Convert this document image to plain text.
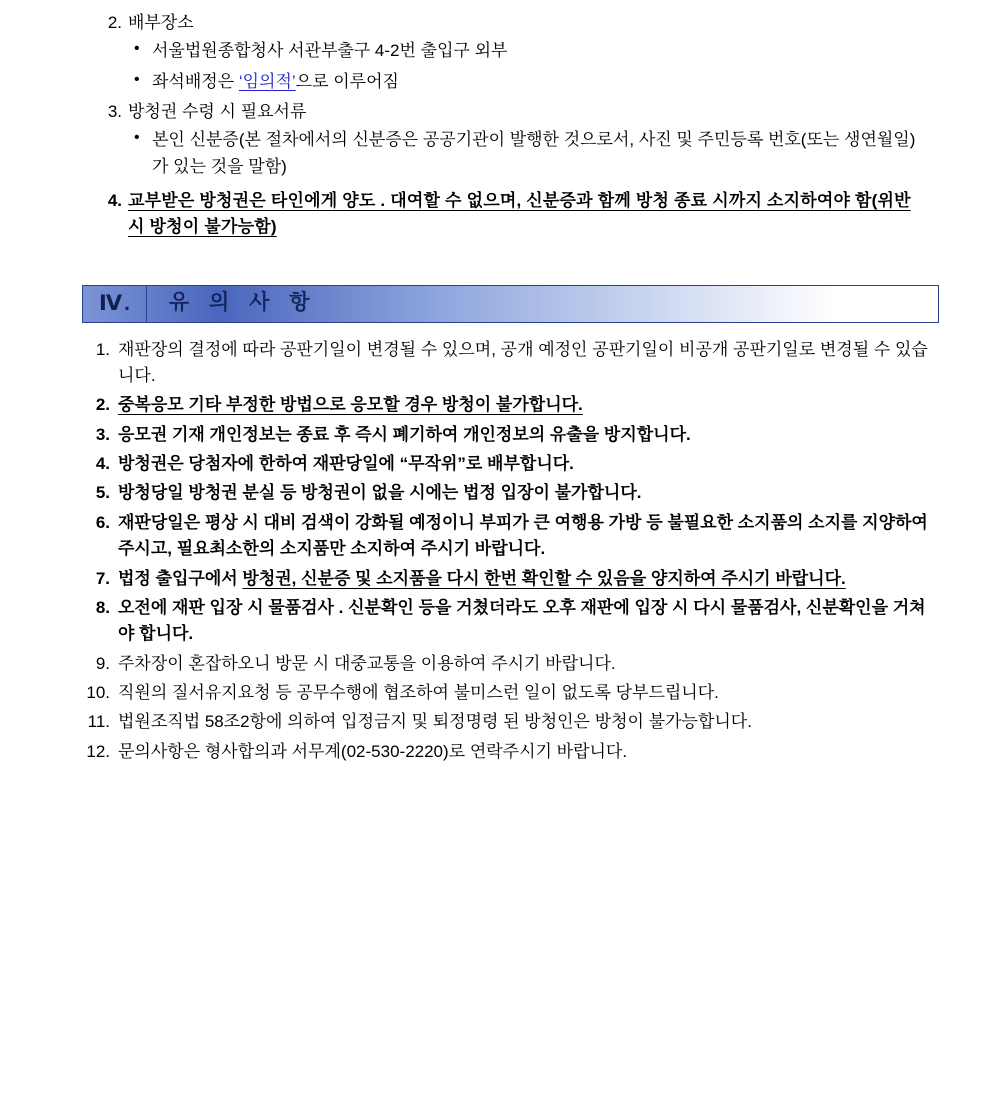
2. 배부장소
• 서울법원종합청사 서관부출구 4-2번 출입구 외부
• 좌석배정은 ‘임의적’으로 이루어짐
3. 방청권 수령 시 필요서류
• 본인 신분증(본 절차에서의 신분증은 공공기관이 발행한 것으로서, 사진 및 주민등록 번호(또는 생연월일)가 있는 것을 말함)
4. 교부받은 방청권은 타인에게 양도 . 대여할 수 없으며, 신분증과 함께 방청 종료 시까지 소지하여야 함(위반 시 방청이 불가능함)
Ⅳ.	유 의 사 항
1. 재판장의 결정에 따라 공판기일이 변경될 수 있으며, 공개 예정인 공판기일이 비공개 공판기일로 변경될 수 있습니다.
2. 중복응모 기타 부정한 방법으로 응모할 경우 방청이 불가합니다.
3. 응모권 기재 개인정보는 종료 후 즉시 폐기하여 개인정보의 유출을 방지합니다.
4. 방청권은 당첨자에 한하여 재판당일에 “무작위”로 배부합니다.
5. 방청당일 방청권 분실 등 방청권이 없을 시에는 법정 입장이 불가합니다.
6. 재판당일은 평상 시 대비 검색이 강화될 예정이니 부피가 큰 여행용 가방 등 불필요한 소지품의 소지를 지양하여 주시고, 필요최소한의 소지품만 소지하여 주시기 바랍니다.
7. 법정 출입구에서 방청권, 신분증 및 소지품을 다시 한번 확인할 수 있음을 양지하여 주시기 바랍니다.
8. 오전에 재판 입장 시 물품검사 . 신분확인 등을 거쳤더라도 오후 재판에 입장 시 다시 물품검사, 신분확인을 거쳐야 합니다.
9. 주차장이 혼잡하오니 방문 시 대중교통을 이용하여 주시기 바랍니다.
10. 직원의 질서유지요청 등 공무수행에 협조하여 불미스런 일이 없도록 당부드립니다.
11. 법원조직법 58조2항에 의하여 입정금지 및 퇴정명령 된 방청인은 방청이 불가능합니다.
12. 문의사항은 형사합의과 서무계(02-530-2220)로 연락주시기 바랍니다.
